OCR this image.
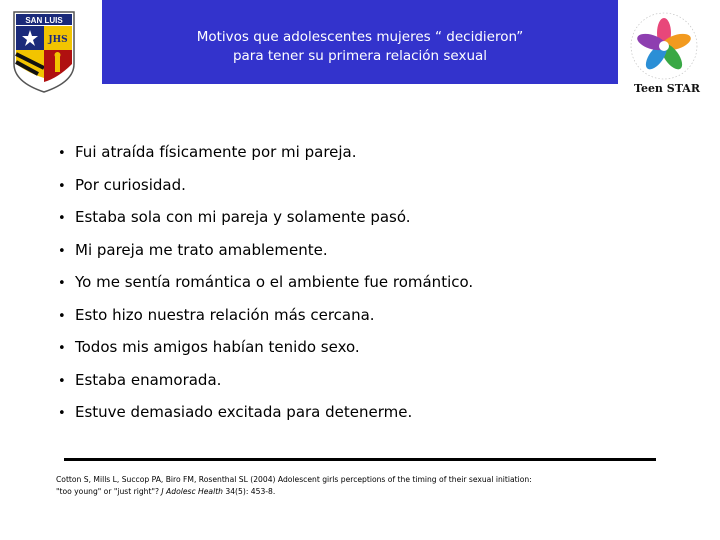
SAN LUIS
JHS	Motivos que adolescentes mujeres “ decidieron”
para tener su primera relación sexual
Teen STAR
• Fui atraída físicamente por mi pareja.
• Por curiosidad.
• Estaba sola con mi pareja y solamente pasó.
• Mi pareja me trato amablemente.
• Yo me sentía romántica o el ambiente fue romántico.
• Esto hizo nuestra relación más cercana.
• Todos mis amigos habían tenido sexo.
• Estaba enamorada.
• Estuve demasiado excitada para detenerme.
Cotton S, Mills L, Succop PA, Biro FM, Rosenthal SL (2004) Adolescent girls perceptions of the timing of their sexual initiation:
"too young" or "just right"? J Adolesc Health 34(5): 453-8.
